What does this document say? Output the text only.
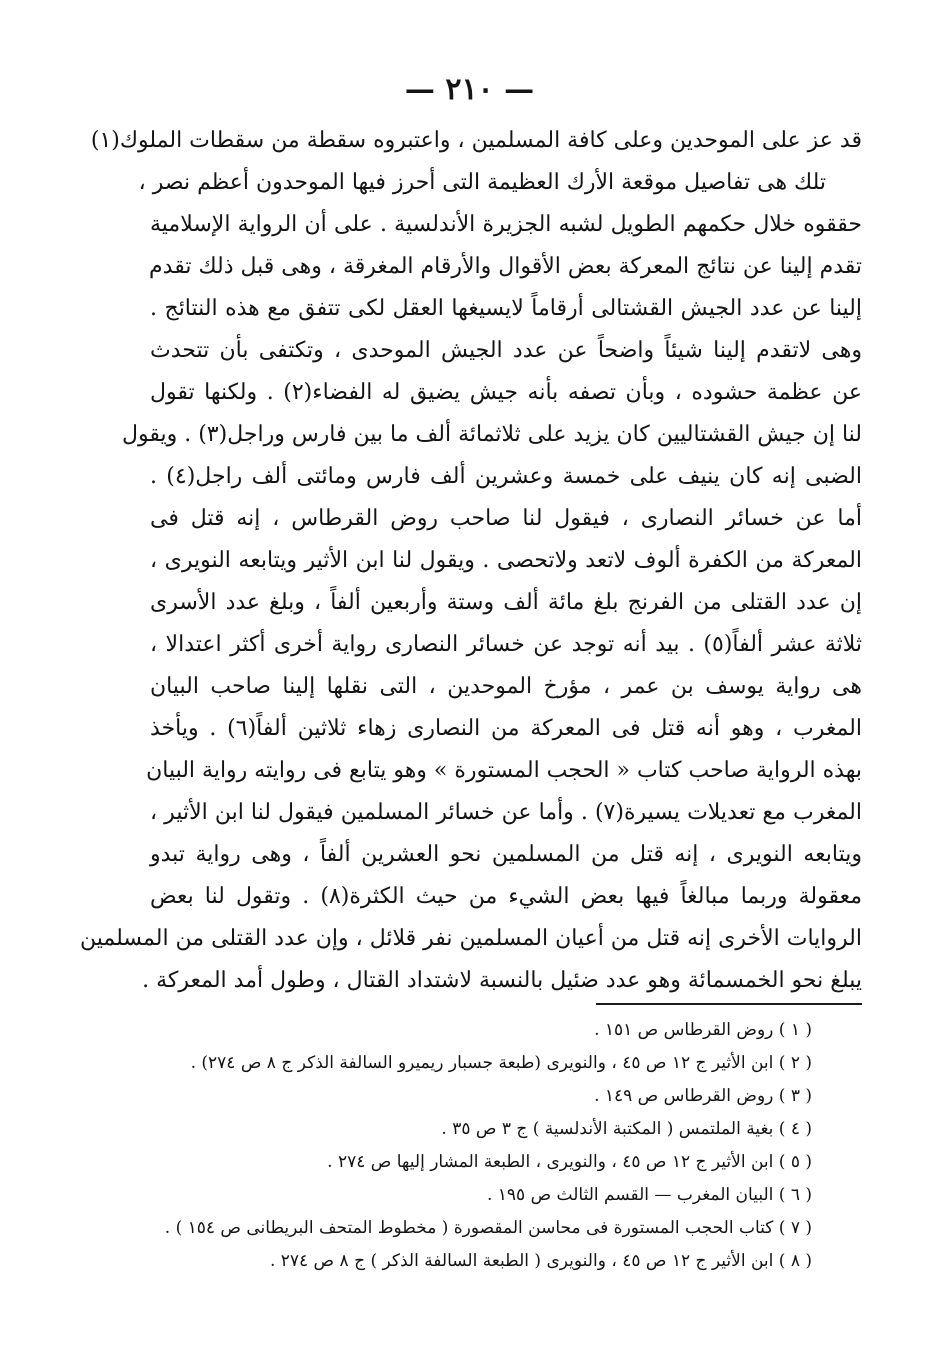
— ٢١٠ —
قد عز على الموحدين وعلى كافة المسلمين ، واعتبروه سقطة من سقطات الملوك(١)
تلك هى تفاصيل موقعة الأرك العظيمة التى أحرز فيها الموحدون أعظم نصر ،
حققوه خلال حكمهم الطويل لشبه الجزيرة الأندلسية . على أن الرواية الإسلامية
تقدم إلينا عن نتائج المعركة بعض الأقوال والأرقام المغرقة ، وهى قبل ذلك تقدم
إلينا عن عدد الجيش القشتالى أرقاماً لايسيغها العقل لكى تتفق مع هذه النتائج .
وهى لاتقدم إلينا شيئاً واضحاً عن عدد الجيش الموحدى ، وتكتفى بأن تتحدث
عن عظمة حشوده ، وبأن تصفه بأنه جيش يضيق له الفضاء(٢) . ولكنها تقول
لنا إن جيش القشتاليين كان يزيد على ثلاثمائة ألف ما بين فارس وراجل(٣) . ويقول
الضبى إنه كان ينيف على خمسة وعشرين ألف فارس ومائتى ألف راجل(٤) .
أما عن خسائر النصارى ، فيقول لنا صاحب روض القرطاس ، إنه قتل فى
المعركة من الكفرة ألوف لاتعد ولاتحصى . ويقول لنا ابن الأثير ويتابعه النويرى ،
إن عدد القتلى من الفرنج بلغ مائة ألف وستة وأربعين ألفاً ، وبلغ عدد الأسرى
ثلاثة عشر ألفاً(٥) . بيد أنه توجد عن خسائر النصارى رواية أخرى أكثر اعتدالا ،
هى رواية يوسف بن عمر ، مؤرخ الموحدين ، التى نقلها إلينا صاحب البيان
المغرب ، وهو أنه قتل فى المعركة من النصارى زهاء ثلاثين ألفاً(٦) . ويأخذ
بهذه الرواية صاحب كتاب « الحجب المستورة » وهو يتابع فى روايته رواية البيان
المغرب مع تعديلات يسيرة(٧) . وأما عن خسائر المسلمين فيقول لنا ابن الأثير ،
ويتابعه النويرى ، إنه قتل من المسلمين نحو العشرين ألفاً ، وهى رواية تبدو
معقولة وربما مبالغاً فيها بعض الشيء من حيث الكثرة(٨) . وتقول لنا بعض
الروايات الأخرى إنه قتل من أعيان المسلمين نفر قلائل ، وإن عدد القتلى من المسلمين
يبلغ نحو الخمسمائة وهو عدد ضئيل بالنسبة لاشتداد القتال ، وطول أمد المعركة .
( ١ ) روض القرطاس ص ١٥١ .
( ٢ ) ابن الأثير ج ١٢ ص ٤٥ ، والنويرى (طبعة جسبار ريميرو السالفة الذكر ج ٨ ص ٢٧٤) .
( ٣ ) روض القرطاس ص ١٤٩ .
( ٤ ) بغية الملتمس ( المكتبة الأندلسية ) ج ٣ ص ٣٥ .
( ٥ ) ابن الأثير ج ١٢ ص ٤٥ ، والنويرى ، الطبعة المشار إليها ص ٢٧٤ .
( ٦ ) البيان المغرب — القسم الثالث ص ١٩٥ .
( ٧ ) كتاب الحجب المستورة فى محاسن المقصورة ( مخطوط المتحف البريطانى ص ١٥٤ ) .
( ٨ ) ابن الأثير ج ١٢ ص ٤٥ ، والنويرى ( الطبعة السالفة الذكر ) ج ٨ ص ٢٧٤ .
